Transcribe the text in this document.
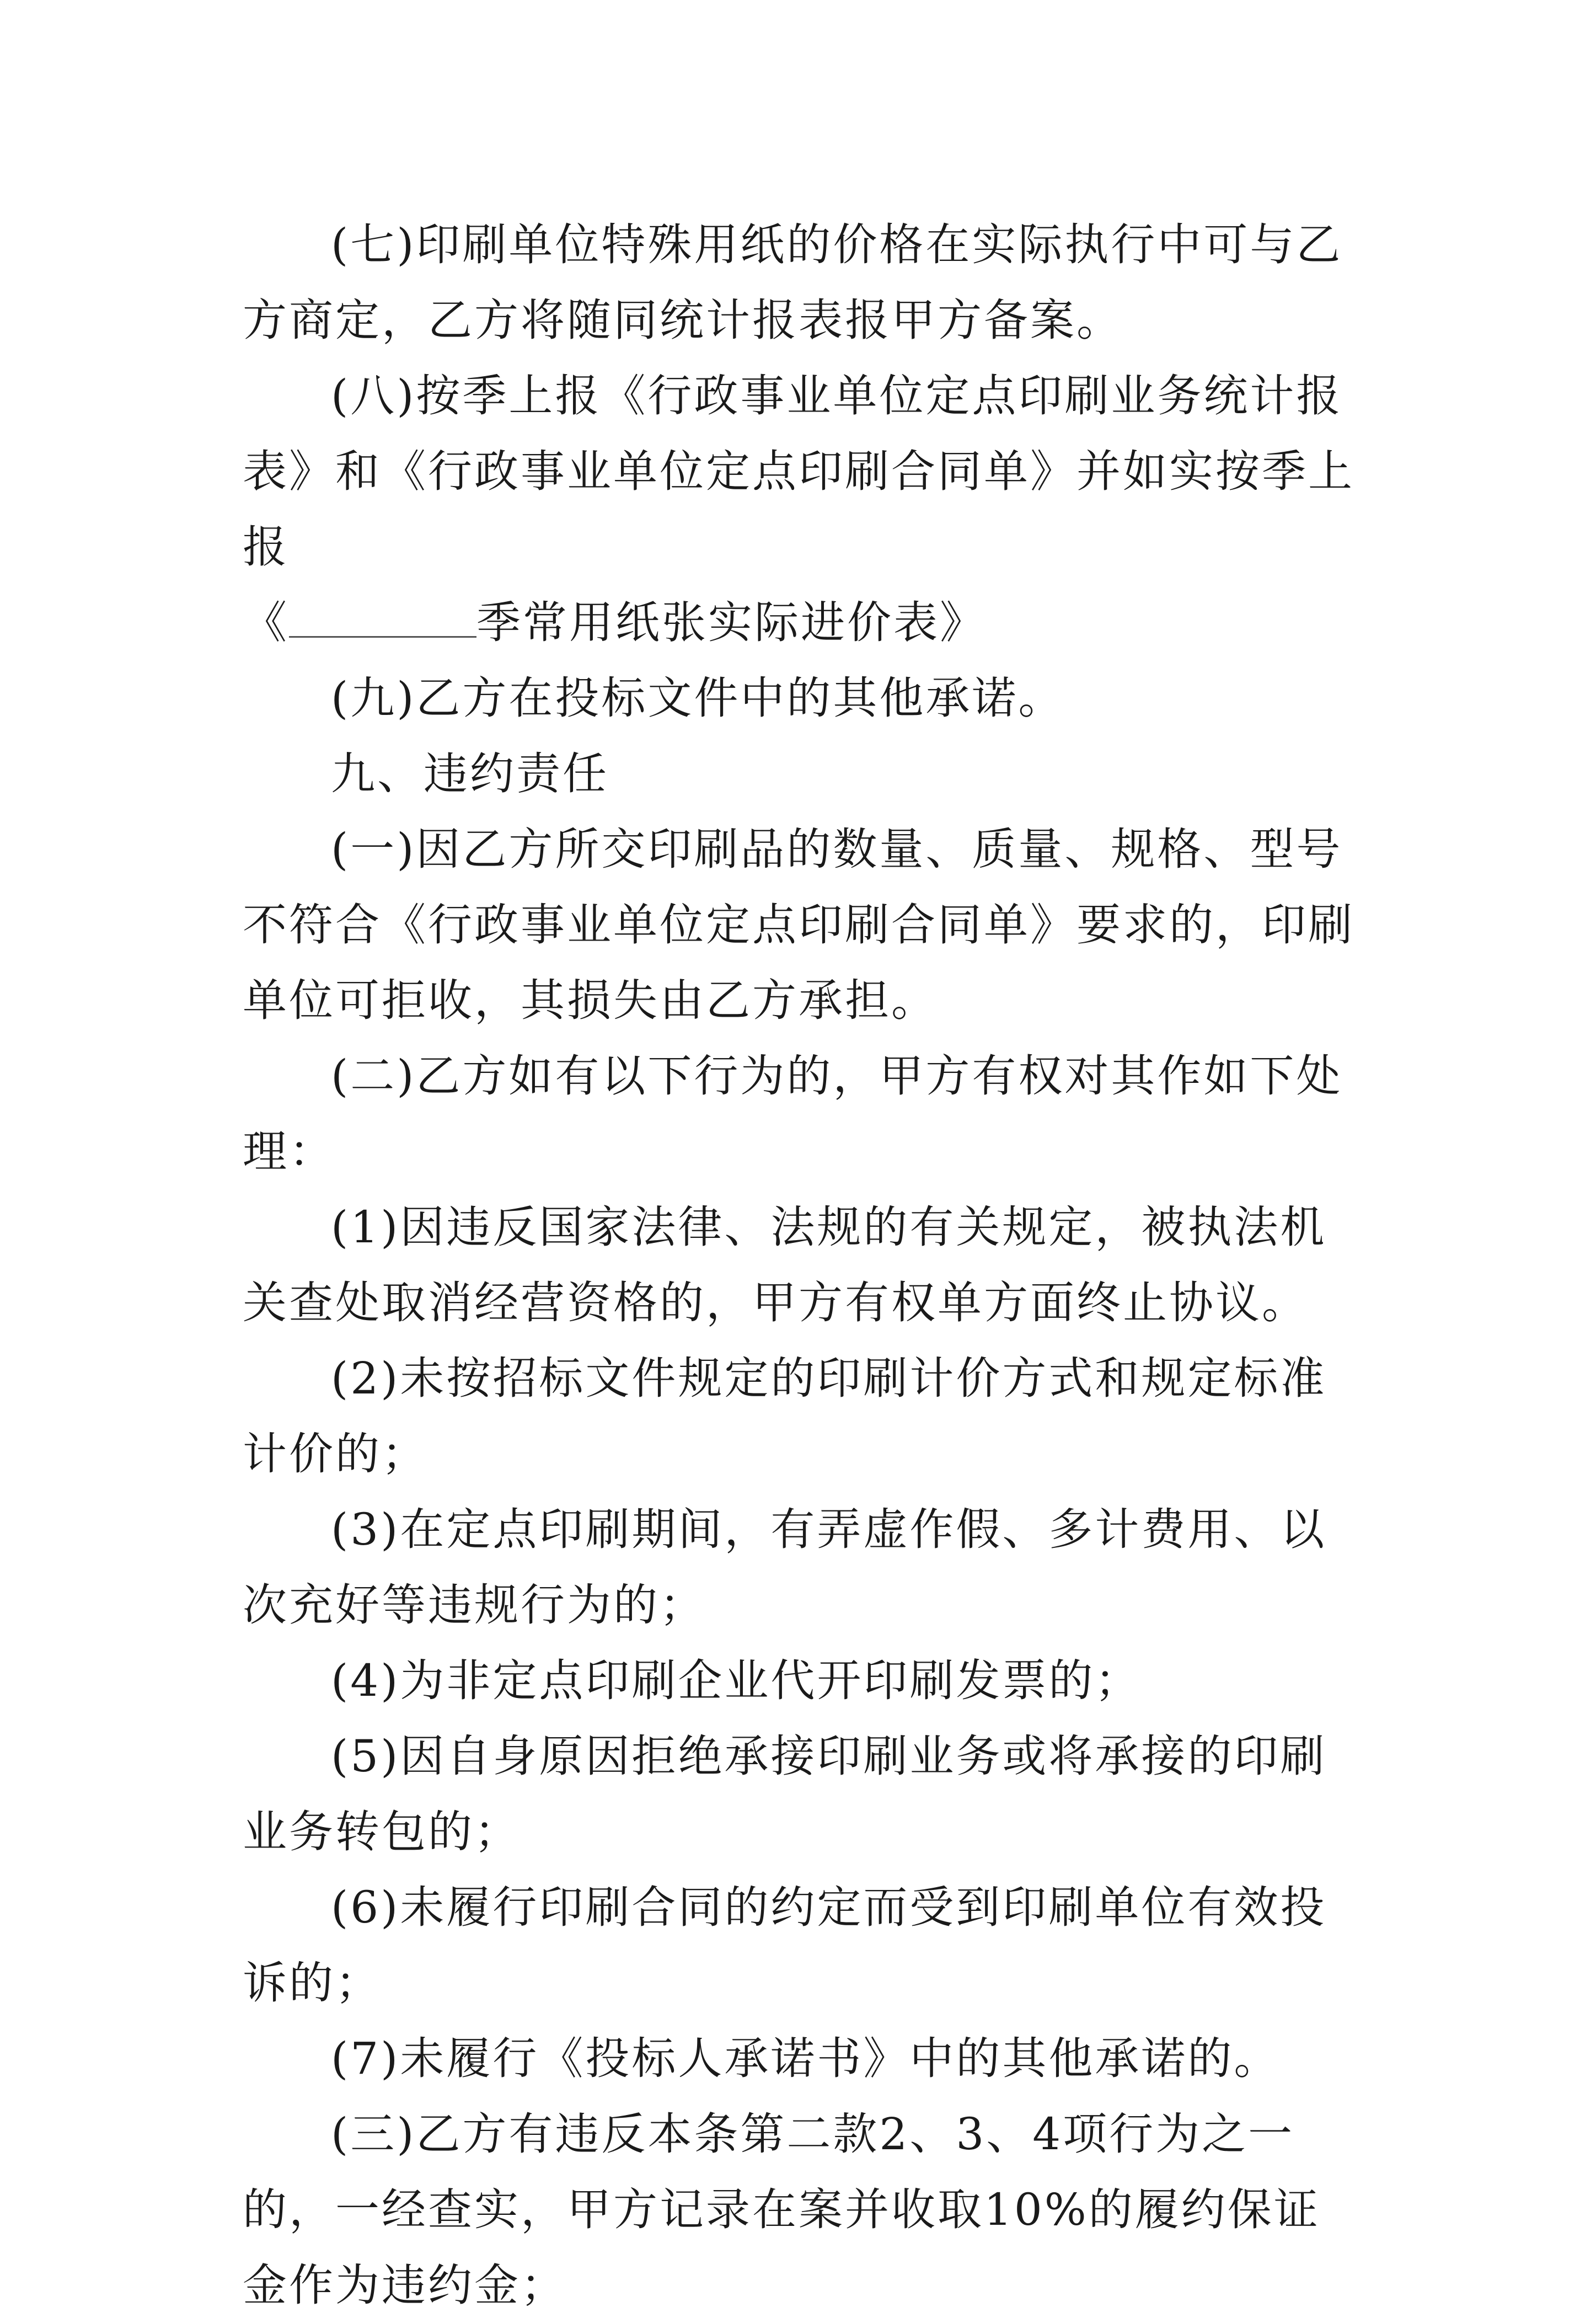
(七)印刷单位特殊用纸的价格在实际执行中可与乙方商定，乙方将随同统计报表报甲方备案。

(八)按季上报《行政事业单位定点印刷业务统计报表》和《行政事业单位定点印刷合同单》并如实按季上报

《	季常用纸张实际进价表》

(九)乙方在投标文件中的其他承诺。

九、违约责任

(一)因乙方所交印刷品的数量、质量、规格、型号不符合《行政事业单位定点印刷合同单》要求的，印刷单位可拒收，其损失由乙方承担。

(二)乙方如有以下行为的，甲方有权对其作如下处理：

(1)因违反国家法律、法规的有关规定，被执法机关查处取消经营资格的，甲方有权单方面终止协议。

(2)未按招标文件规定的印刷计价方式和规定标准计价的；

(3)在定点印刷期间，有弄虚作假、多计费用、以次充好等违规行为的；

(4)为非定点印刷企业代开印刷发票的；

(5)因自身原因拒绝承接印刷业务或将承接的印刷业务转包的；

(6)未履行印刷合同的约定而受到印刷单位有效投诉的；

(7)未履行《投标人承诺书》中的其他承诺的。

(三)乙方有违反本条第二款2、3、4项行为之一的，一经查实，甲方记录在案并收取10%的履约保证金作为违约金；
